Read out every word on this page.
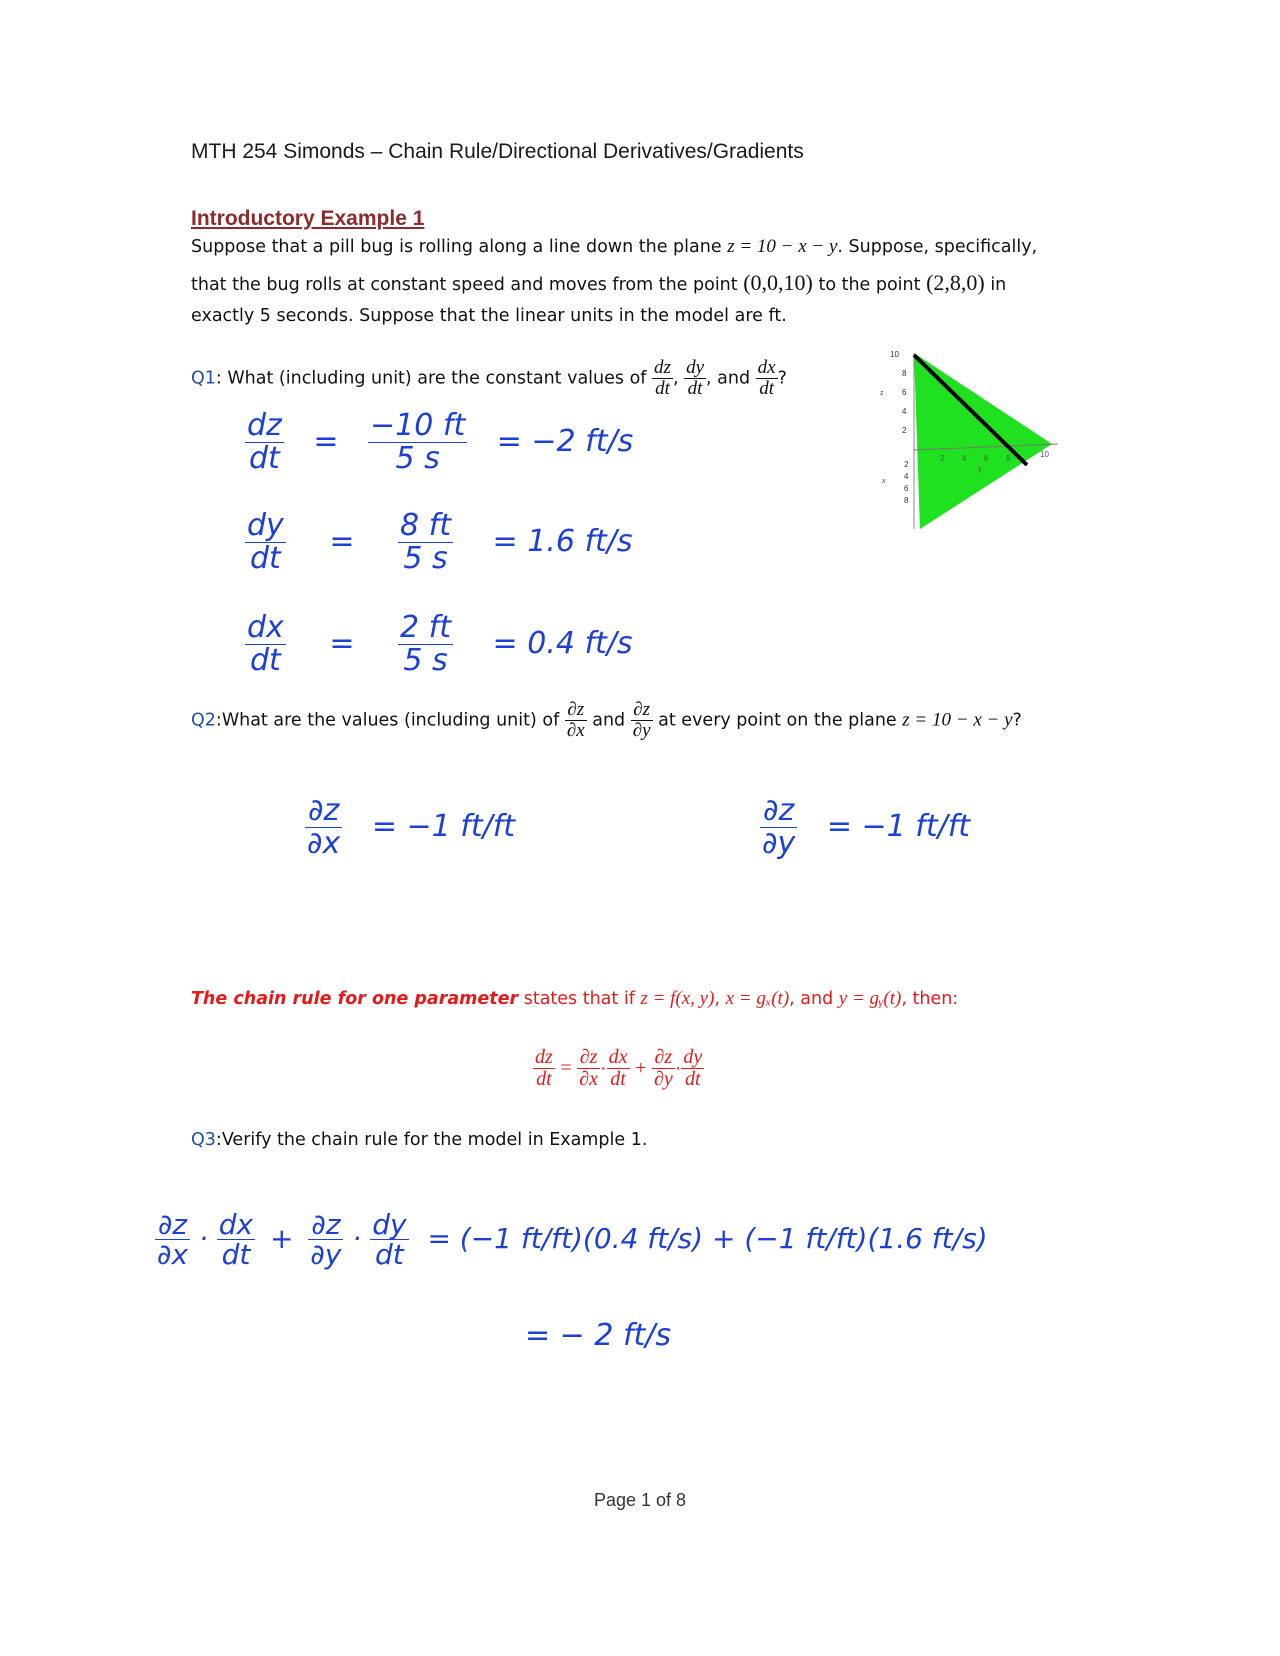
MTH 254 Simonds – Chain Rule/Directional Derivatives/Gradients
Introductory Example 1
Suppose that a pill bug is rolling along a line down the plane z = 10 − x − y. Suppose, specifically,
that the bug rolls at constant speed and moves from the point (0,0,10) to the point (2,8,0) in
exactly 5 seconds. Suppose that the linear units in the model are ft.
Q1: What (including unit) are the constant values of $\frac{dz}{dt}$ , $\frac{dy}{dt}$ , and $\frac{dx}{dt}$ ?
$\frac{dz}{dt} = \frac{-10 ft}{5 s} = -2$ ft/s
$\frac{dy}{dt} = \frac{8 ft}{5 s} = 1.6$ ft/s
$\frac{dx}{dt} = \frac{2 ft}{5 s} = 0.4$ ft/s
10
8
6
4
2
2 4 6 8	10
2
4
6
8
z
y
x
Q2:What are the values (including unit) of $\frac{\partial z}{\partial x}$ and $\frac{\partial z}{\partial y}$ at every point on the plane z = 10 − x − y?
$\frac{\partial z}{\partial x} = -1$ ft/ft	$\frac{\partial z}{\partial y} = -1$ ft/ft
The chain rule for one parameter states that if z = f(x, y), x = gₓ(t), and y = gᵧ(t), then:
$\frac{dz}{dt} = \frac{\partial z}{\partial x} \cdot \frac{dx}{dt} + \frac{\partial z}{\partial y} \cdot \frac{dy}{dt}$
Q3:Verify the chain rule for the model in Example 1.
$\frac{\partial z}{\partial x} \cdot \frac{dx}{dt} + \frac{\partial z}{\partial y} \cdot \frac{dy}{dt} = (-1$ ft/ft)(0.4 ft/s) + (−1 ft/ft)(1.6 ft/s)
= − 2 ft/s
Page 1 of 8
